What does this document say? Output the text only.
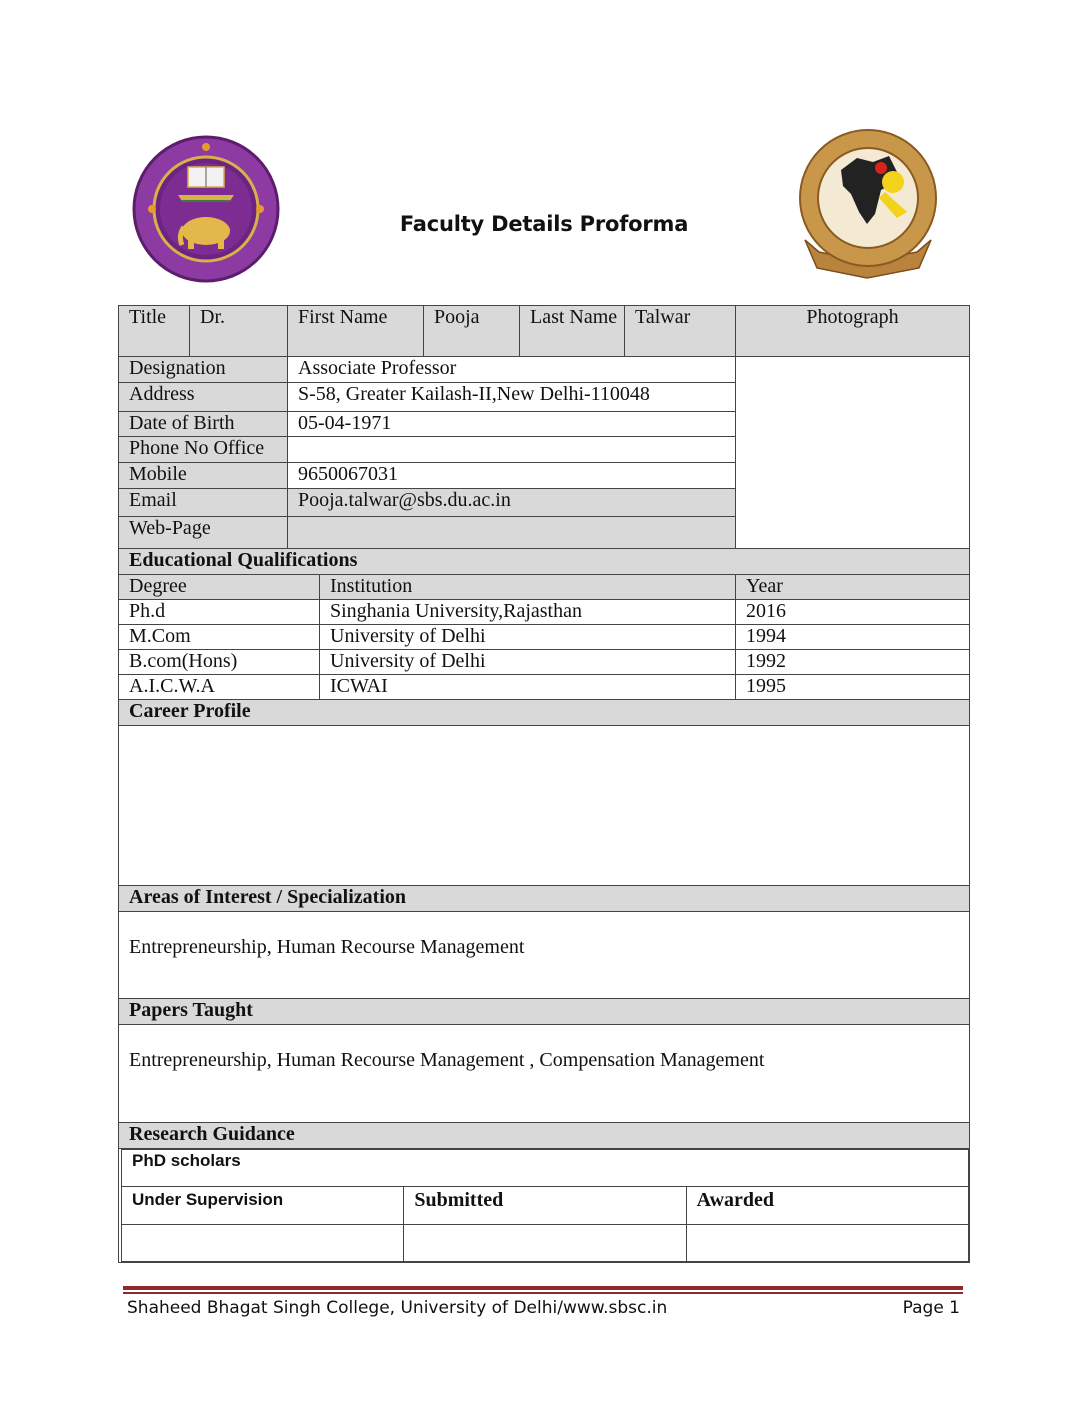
Faculty Details Proforma
Title	Dr.	First Name	Pooja	Last Name	Talwar	Photograph
Designation	Associate Professor	
Address	S-58, Greater Kailash-II,New Delhi-110048
Date of Birth	05-04-1971
Phone No Office	
Mobile	9650067031
Email	Pooja.talwar@sbs.du.ac.in
Web-Page	
Educational Qualifications
Degree	Institution	Year
Ph.d	Singhania University,Rajasthan	2016
M.Com	University of Delhi	1994
B.com(Hons)	University of Delhi	1992
A.I.C.W.A	ICWAI	1995
Career Profile

Areas of Interest / Specialization
Entrepreneurship, Human Recourse Management
Papers Taught
Entrepreneurship, Human Recourse Management , Compensation Management
Research Guidance

PhD scholars
Under Supervision	Submitted	Awarded

Shaheed Bhagat Singh College, University of Delhi/www.sbsc.in	Page 1
